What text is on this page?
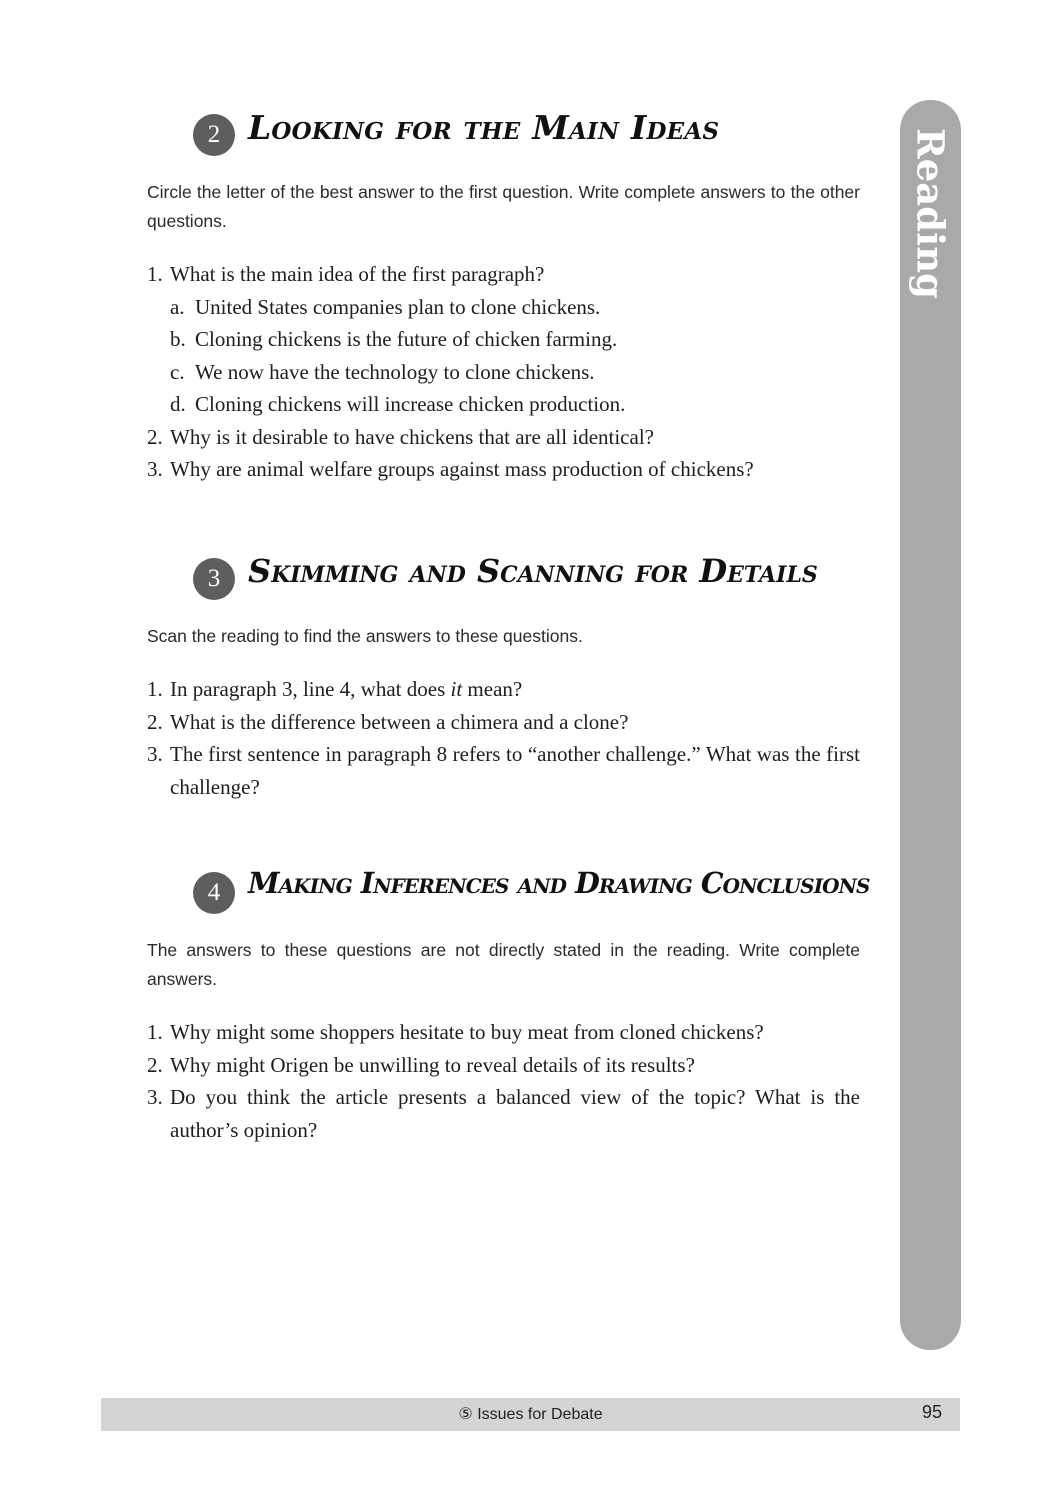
Reading
2 Looking for the Main Ideas

Circle the letter of the best answer to the first question. Write complete answers to the other questions.

1. What is the main idea of the first paragraph?
a. United States companies plan to clone chickens.
b. Cloning chickens is the future of chicken farming.
c. We now have the technology to clone chickens.
d. Cloning chickens will increase chicken production.
2. Why is it desirable to have chickens that are all identical?
3. Why are animal welfare groups against mass production of chickens?
3 Skimming and Scanning for Details

Scan the reading to find the answers to these questions.

1. In paragraph 3, line 4, what does it mean?
2. What is the difference between a chimera and a clone?
3. The first sentence in paragraph 8 refers to “another challenge.” What was the first challenge?
4 Making Inferences and Drawing Conclusions

The answers to these questions are not directly stated in the reading. Write complete answers.

1. Why might some shoppers hesitate to buy meat from cloned chickens?
2. Why might Origen be unwilling to reveal details of its results?
3. Do you think the article presents a balanced view of the topic? What is the author’s opinion?
⑤ Issues for Debate	95
